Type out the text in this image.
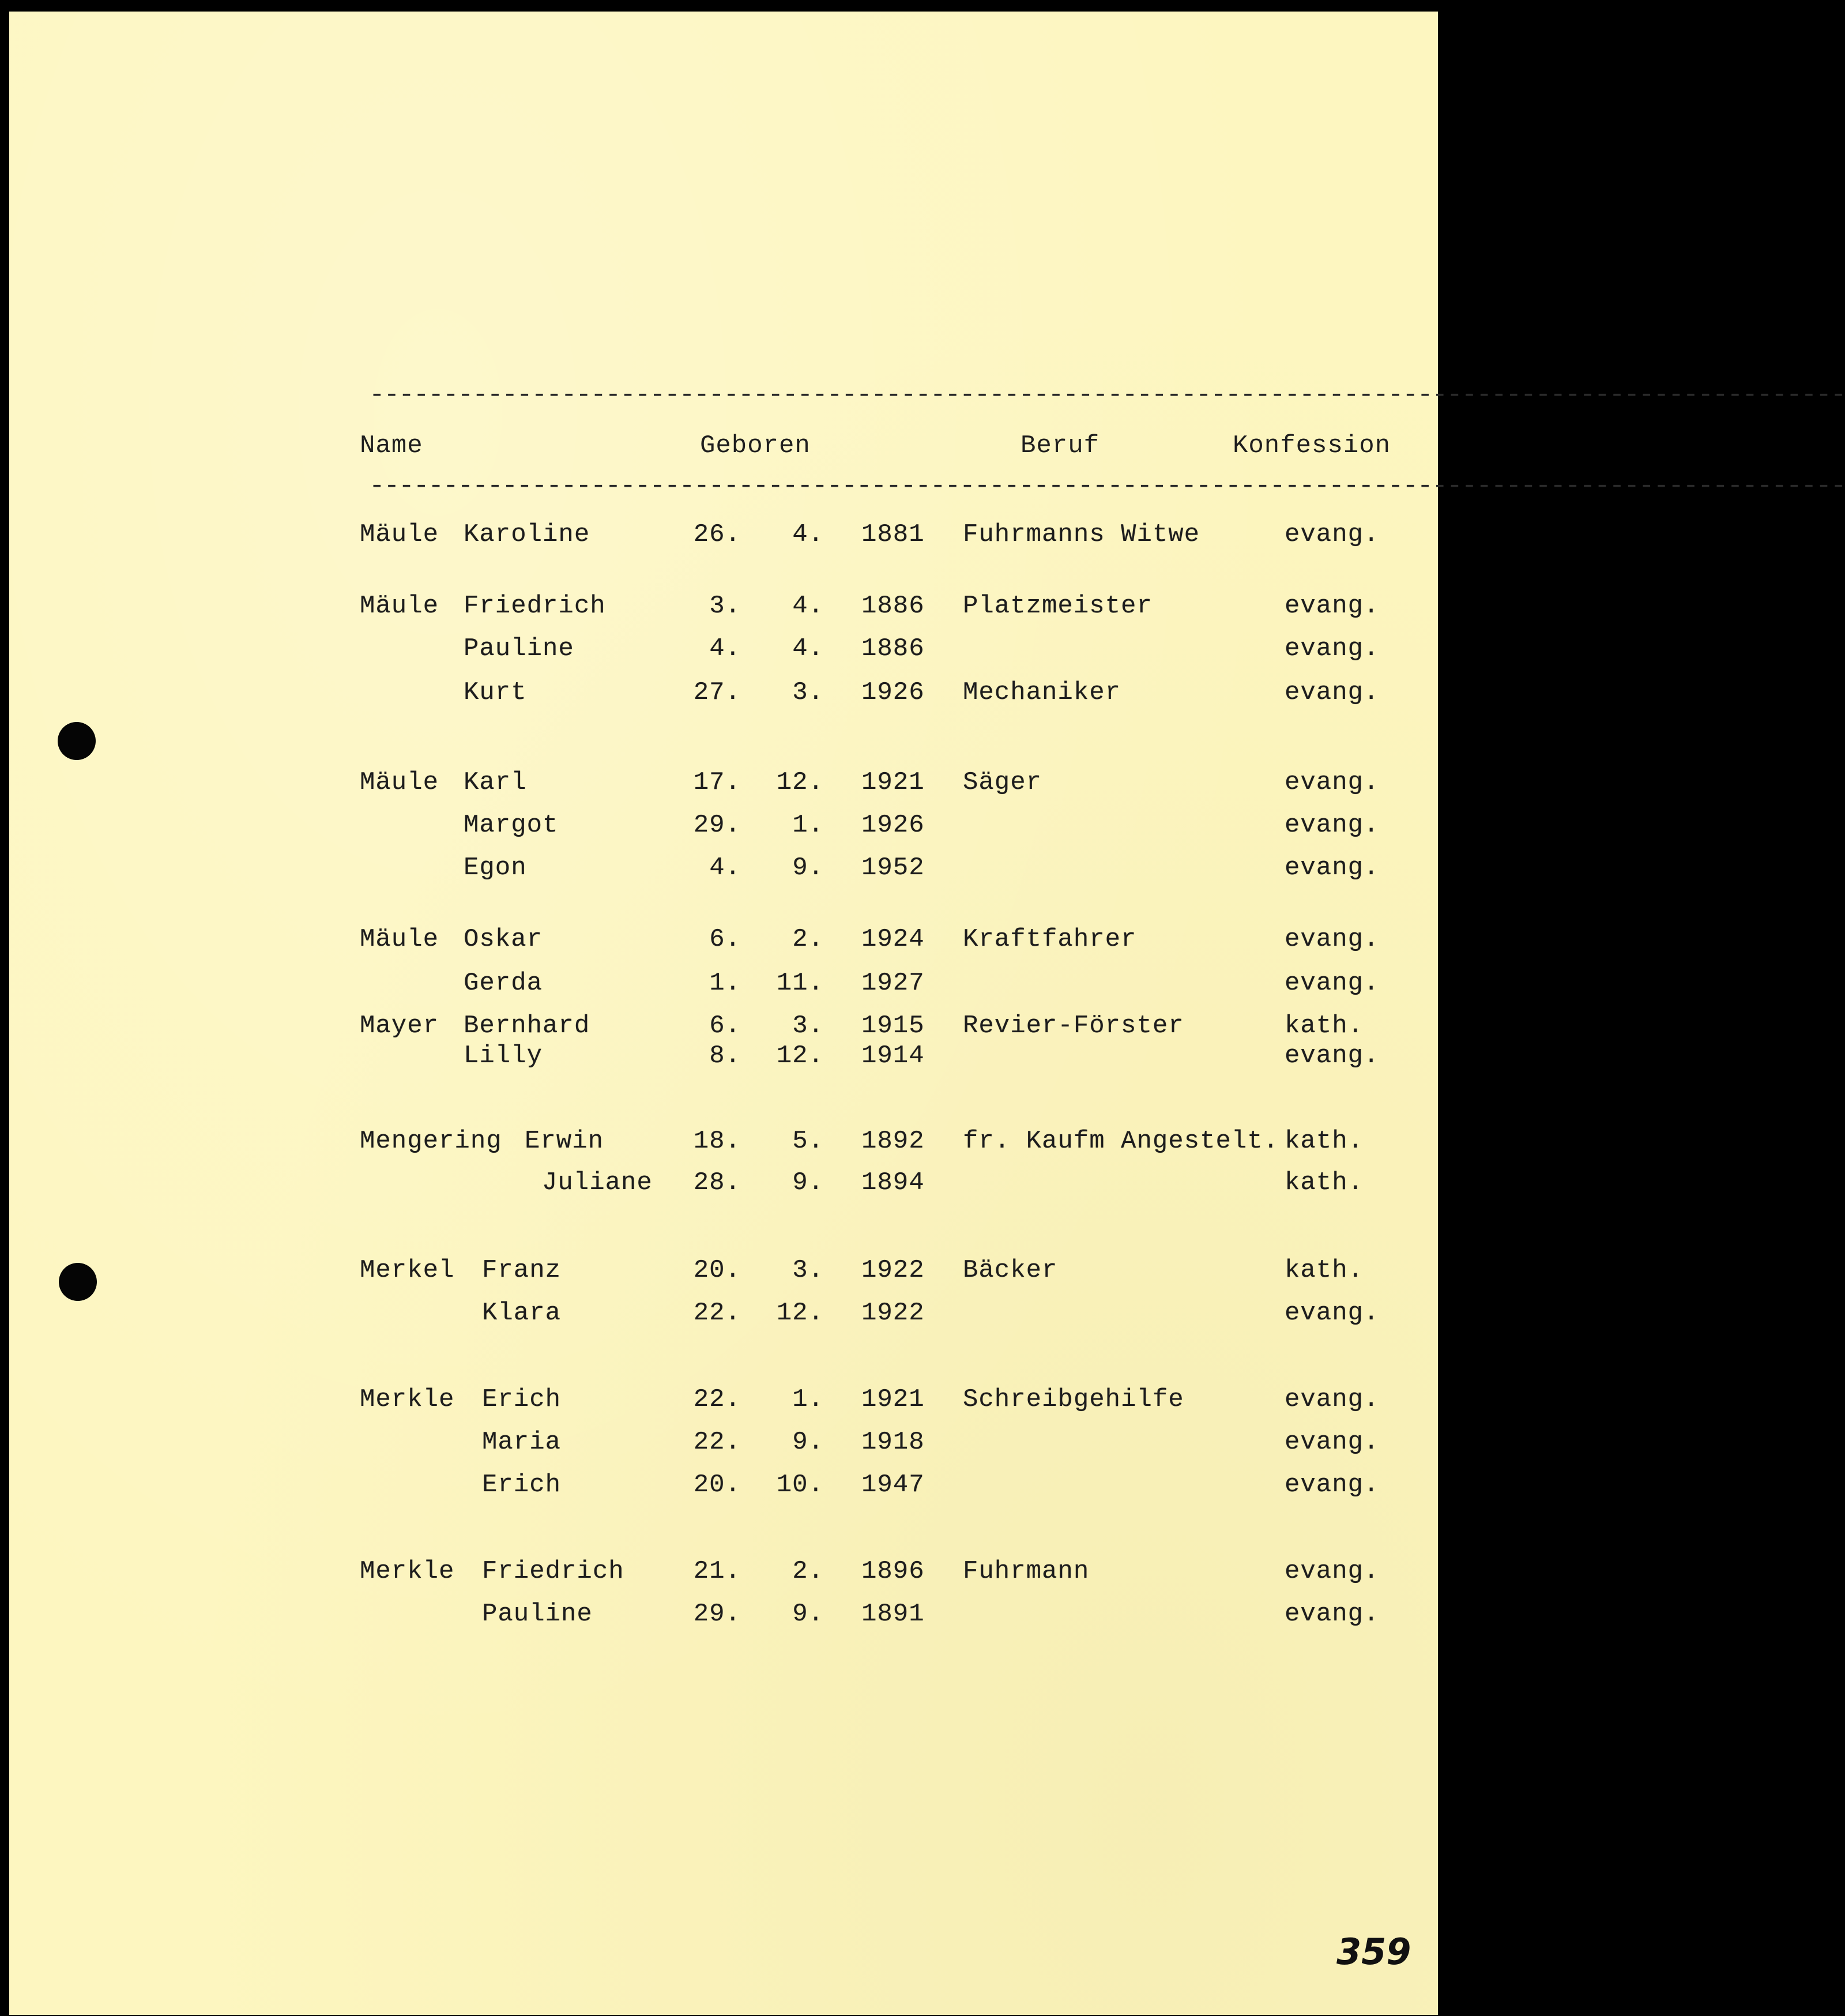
----------------------------------------------------------------------------------------------------
Name	Geboren	Beruf	Konfession
----------------------------------------------------------------------------------------------------
Mäule Karoline	26. 4. 1881 Fuhrmanns Witwe	evang.
Mäule Friedrich	3. 4. 1886 Platzmeister	evang.
Pauline	4. 4. 1886	evang.
Kurt	27. 3. 1926 Mechaniker	evang.
Mäule Karl	17. 12. 1921 Säger	evang.
Margot	29. 1. 1926	evang.
Egon	4. 9. 1952	evang.
Mäule Oskar	6. 2. 1924 Kraftfahrer	evang.
Gerda	1. 11. 1927	evang.
Mayer Bernhard	6. 3. 1915 Revier-Förster	kath.
Lilly	8. 12. 1914	evang.
Mengering Erwin	18. 5. 1892 fr. Kaufm Angestelt. kath.
Juliane 28. 9. 1894	kath.
Merkel Franz	20. 3. 1922 Bäcker	kath.
Klara	22. 12. 1922	evang.
Merkle Erich	22. 1. 1921 Schreibgehilfe	evang.
Maria	22. 9. 1918	evang.
Erich	20. 10. 1947	evang.
Merkle Friedrich	21. 2. 1896 Fuhrmann	evang.
Pauline	29. 9. 1891	evang.
359
